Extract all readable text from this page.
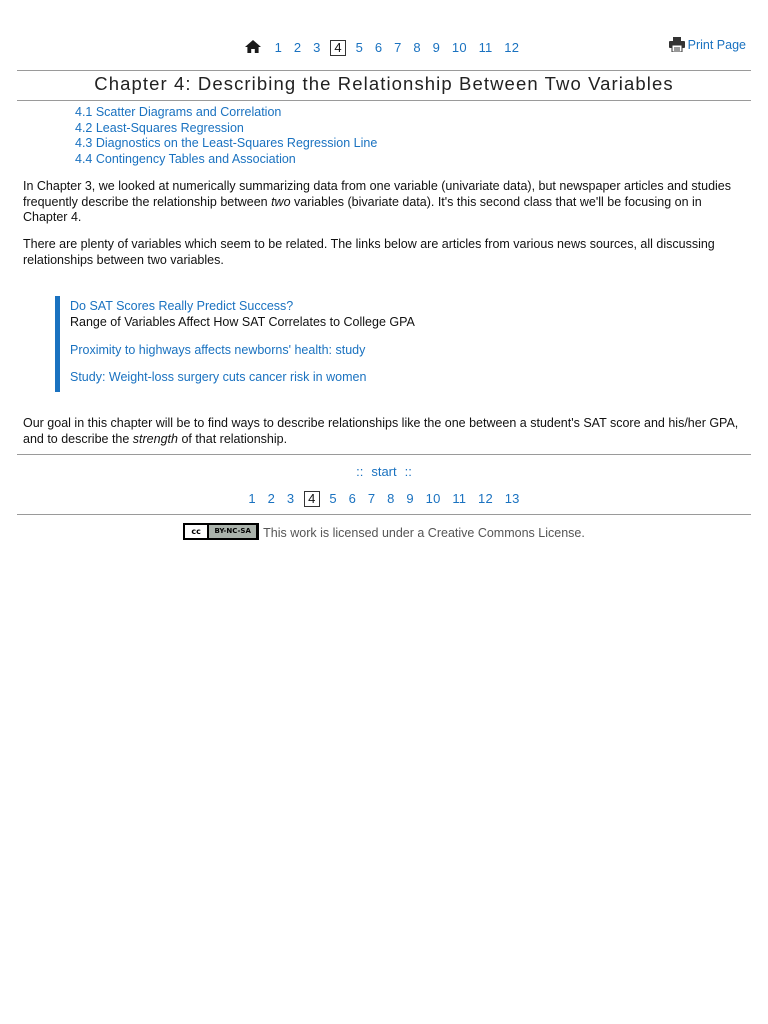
1 2 3 4 5 6 7 8 9 10 11 12	Print Page
Chapter 4: Describing the Relationship Between Two Variables
4.1 Scatter Diagrams and Correlation
4.2 Least-Squares Regression
4.3 Diagnostics on the Least-Squares Regression Line
4.4 Contingency Tables and Association

In Chapter 3, we looked at numerically summarizing data from one variable (univariate data), but newspaper articles and studies frequently describe the relationship between two variables (bivariate data). It's this second class that we'll be focusing on in Chapter 4.

There are plenty of variables which seem to be related. The links below are articles from various news sources, all discussing relationships between two variables.

Do SAT Scores Really Predict Success?
Range of Variables Affect How SAT Correlates to College GPA
Proximity to highways affects newborns' health: study
Study: Weight-loss surgery cuts cancer risk in women

Our goal in this chapter will be to find ways to describe relationships like the one between a student's SAT score and his/her GPA, and to describe the strength of that relationship.

:: start ::
1 2 3 4 5 6 7 8 9 10 11 12 13
cc	BY-NC-SA This work is licensed under a Creative Commons License.
